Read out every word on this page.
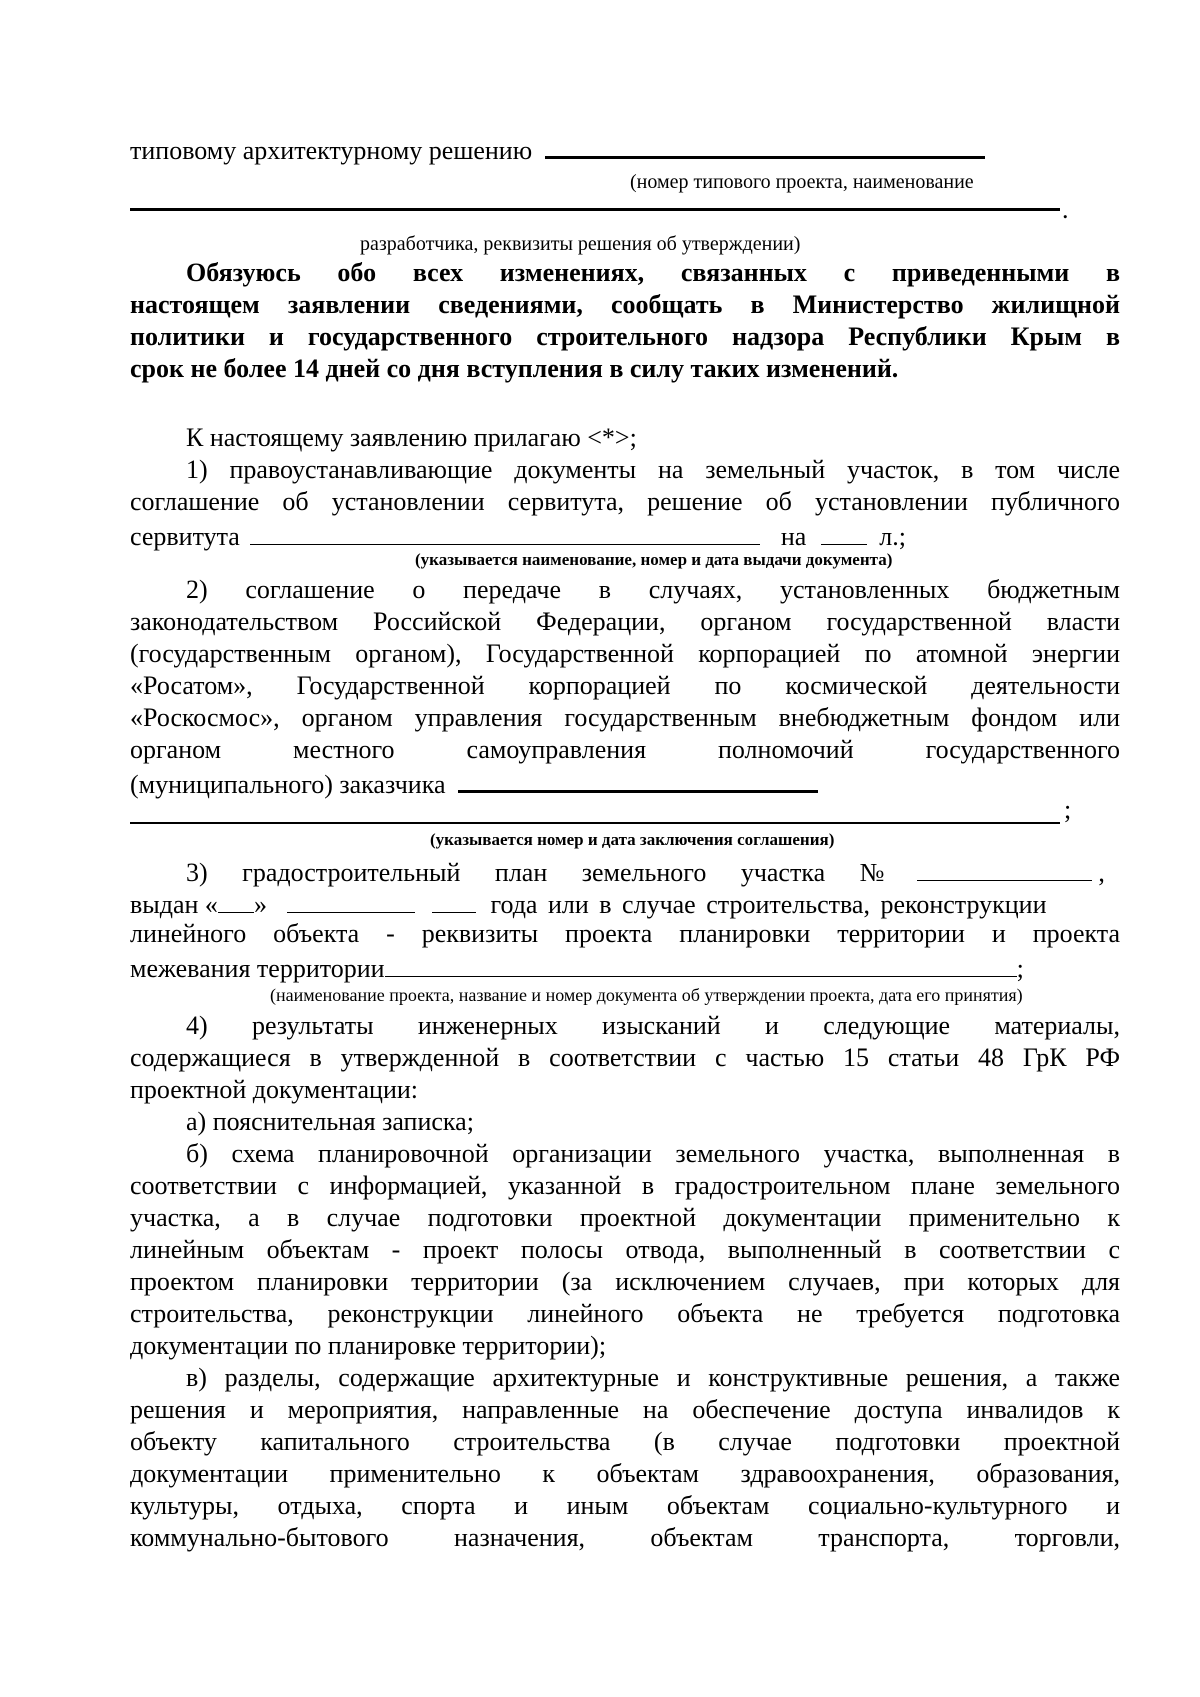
типовому архитектурному решению
(номер типового проекта, наименование
.
разработчика, реквизиты решения об утверждении)
Обязуюсь обо всех изменениях, связанных с приведенными в
настоящем заявлении сведениями, сообщать в Министерство жилищной
политики и государственного строительного надзора Республики Крым в
срок не более 14 дней со дня вступления в силу таких изменений.
К настоящему заявлению прилагаю <*>;
1) правоустанавливающие документы на земельный участок, в том числе
соглашение об установлении сервитута, решение об установлении публичного
сервитута	на	л.;
(указывается наименование, номер и дата выдачи документа)
2) соглашение о передаче в случаях, установленных бюджетным
законодательством Российской Федерации, органом государственной власти
(государственным органом), Государственной корпорацией по атомной энергии
«Росатом», Государственной корпорацией по космической деятельности
«Роскосмос», органом управления государственным внебюджетным фондом или
органом местного самоуправления полномочий государственного
(муниципального) заказчика
;
(указывается номер и дата заключения соглашения)
3) градостроительный план земельного участка №	,
выдан « »	года или в случае строительства, реконструкции
линейного объекта - реквизиты проекта планировки территории и проекта
межевания территории	;
(наименование проекта, название и номер документа об утверждении проекта, дата его принятия)
4) результаты инженерных изысканий и следующие материалы,
содержащиеся в утвержденной в соответствии с частью 15 статьи 48 ГрК РФ
проектной документации:
а) пояснительная записка;
б) схема планировочной организации земельного участка, выполненная в
соответствии с информацией, указанной в градостроительном плане земельного
участка, а в случае подготовки проектной документации применительно к
линейным объектам - проект полосы отвода, выполненный в соответствии с
проектом планировки территории (за исключением случаев, при которых для
строительства, реконструкции линейного объекта не требуется подготовка
документации по планировке территории);
в) разделы, содержащие архитектурные и конструктивные решения, а также
решения и мероприятия, направленные на обеспечение доступа инвалидов к
объекту капитального строительства (в случае подготовки проектной
документации применительно к объектам здравоохранения, образования,
культуры, отдыха, спорта и иным объектам социально-культурного и
коммунально-бытового назначения, объектам транспорта, торговли,
